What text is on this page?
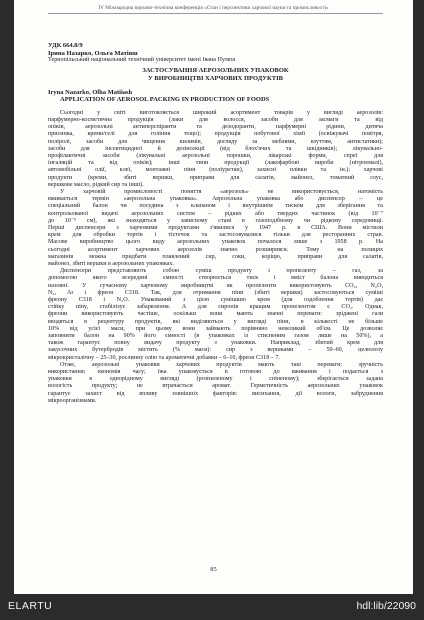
IV Міжнародна науково-технічна конференція «Стан і перспективи харчової науки та промисловості»

УДК 664.8/9

Ірина Назарко, Ольга Матіяш

Тернопільський національний технічний університет імені Івана Пулюя

ЗАСТОСУВАННЯ АЕРОЗОЛЬНИХ УПАКОВОК

У ВИРОБНИЦТВІ ХАРЧОВИХ ПРОДУКТІВ

Iryna Nazarko, Olha Matiiash

APPLICATION OF AEROSOL PACKING IN PRODUCTION OF FOODS

Сьогодні у світі виготовляється широкий асортимент товарів у вигляді аерозолів:

парфумерно-косметична продукція (лаки для волосся, засоби для засмаги та від

опіків, аерозольні антиперспіранти та дезодоранти, парфумерні рідини, дитяча

присипка, креми/гелі для гоління тощо); продукція побутової хімії (освіжувачі повітря,

поліролі, засоби для чищення килимів, догляду за меблями, взуттям, антистатики);

засоби для інсектицидної й дезінсекції (від блох'ячих та шкідників); лікувально-

профілактичні засоби (лікувальні аерозольні порошки, лікарські форми, спреї для

інгаляцій та від опіків); інші типи продукції (лакофарбові вироби (нітроемалі),

автомобільні олії, клеї, монтажні піни (поліуретан), захисні плівки та ін.); харчові

продукти (креми, збиті вершки, приправи для салатів, майонез, томатний соус,

вершкове масло, рідкий сир та інші).

У харчовій промисловості поняття «аерозоль» не використовується, натомість

вживається термін «аерозольна упаковка». Аерозольна упаковка або диспенсер – це

спеціальний балон чи посудина з клапаном і внутрішнім тиском для зберігання та

контрольованої видачі аерозольних систем – рідких або твердих частинок (від 10⁻⁷

до 10⁻⁵ см), які знаходяться у зависному стані в газоподібному чи рідкому середовищі.

Перші диспенсери з харчовими продуктами з'явилися у 1947 р. в США. Вони містили

крем для обробки тортів і тістечок та застосовувалися тільки для ресторанних страв.

Масове виробництво цього виду аерозольних упаковок почалося лише з 1958 р. На

сьогодні асортимент харчових аерозолів значно розширився. Тому на полицях

магазинів можна придбати плавлений сир, соки, коріцю, приправи для салатів,

майонез, збиті вершки в аерозольних упаковках.

Диспенсери представляють собою суміш продукту і пропеленту – газ, за

допомогою якого всередині ємності створюється тиск і вміст балона виводиться

назовні. У сучасному харчовому виробництві як пропеленти використовують CO₂, N₂O,

N₂, Ar і фреон C318. Так, для отримання піни (збиті вершки) застосовуються суміші

фреону C318 і N₂O. Упакований з цією сумішшю крем (для оздоблення тортів) дає

стійку піну, стабілізує забарвлення. А для сиропів кращим пропелентом є CO₂. Однак,

фреони використовують частіше, оскільки вони мають значні переваги: зріджені гази

вводяться в рецептуру продуктів, які виділяються у вигляді піни, в кількості не більше

10% від усієї маси, при цьому вони займають порівняно невеликий об'єм. Це дозволяє

заповнити балон на 90% його ємності (в упаковках із стисненим газом лише на 50%), а

також гарантує повну видачу продукту з упаковки. Наприклад, збитий крем для

закусочних бутербродів містить (% маси): сир з вершками – 50–60, целюлозу

мікрокристалічну – 25–30, рослинну олію та ароматичні добавки – 6–10, фреон С318 – 7.

Отже, аерозольні упаковки харчових продуктів мають такі переваги: зручність

використання; економія часу; їжа упаковується в готовою до вживання і подається з

упаковки в однорідному вигляді (розпиленому і спіненому); зберігається задана

вологість продукту; не втрачається аромат. Герметичність аерозольних упаковок

гарантує захист від впливу зовнішніх факторів: висихання, дії вологи, забруднення

мікроорганізмами.

85
ELARTU	hdl:lib/22090
